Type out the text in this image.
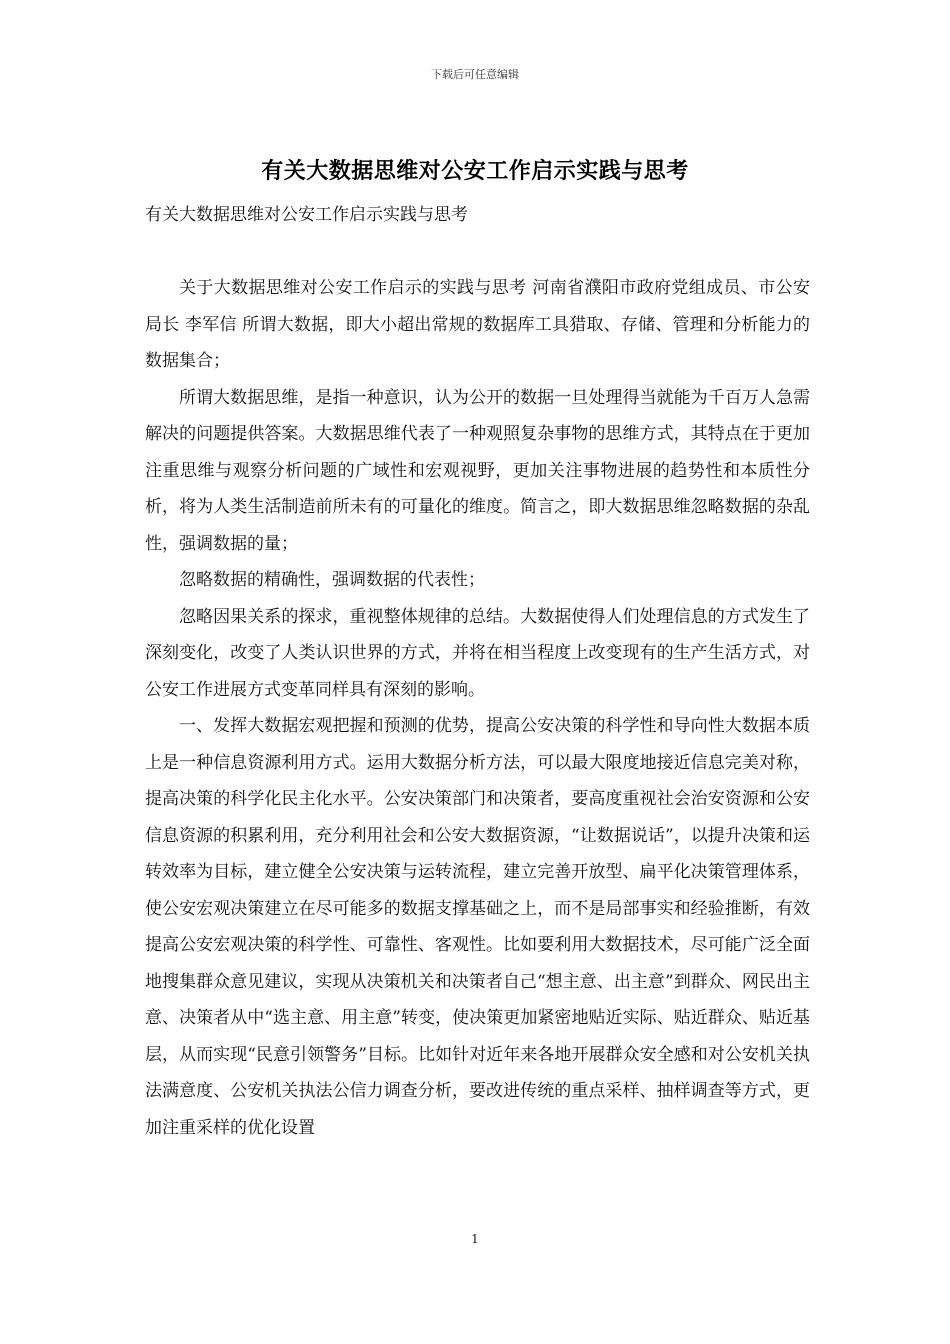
下载后可任意编辑
有关大数据思维对公安工作启示实践与思考
有关大数据思维对公安工作启示实践与思考

关于大数据思维对公安工作启示的实践与思考 河南省濮阳市政府党组成员、市公安局长 李军信 所谓大数据，即大小超出常规的数据库工具猎取、存储、管理和分析能力的数据集合；

所谓大数据思维，是指一种意识，认为公开的数据一旦处理得当就能为千百万人急需解决的问题提供答案。大数据思维代表了一种观照复杂事物的思维方式，其特点在于更加注重思维与观察分析问题的广域性和宏观视野，更加关注事物进展的趋势性和本质性分析，将为人类生活制造前所未有的可量化的维度。简言之，即大数据思维忽略数据的杂乱性，强调数据的量；

忽略数据的精确性，强调数据的代表性；

忽略因果关系的探求，重视整体规律的总结。大数据使得人们处理信息的方式发生了深刻变化，改变了人类认识世界的方式，并将在相当程度上改变现有的生产生活方式，对公安工作进展方式变革同样具有深刻的影响。

一、发挥大数据宏观把握和预测的优势，提高公安决策的科学性和导向性大数据本质上是一种信息资源利用方式。运用大数据分析方法，可以最大限度地接近信息完美对称，提高决策的科学化民主化水平。公安决策部门和决策者，要高度重视社会治安资源和公安信息资源的积累利用，充分利用社会和公安大数据资源，“让数据说话”，以提升决策和运转效率为目标，建立健全公安决策与运转流程，建立完善开放型、扁平化决策管理体系，使公安宏观决策建立在尽可能多的数据支撑基础之上，而不是局部事实和经验推断，有效提高公安宏观决策的科学性、可靠性、客观性。比如要利用大数据技术，尽可能广泛全面地搜集群众意见建议，实现从决策机关和决策者自己“想主意、出主意”到群众、网民出主意、决策者从中“选主意、用主意”转变，使决策更加紧密地贴近实际、贴近群众、贴近基层，从而实现“民意引领警务”目标。比如针对近年来各地开展群众安全感和对公安机关执法满意度、公安机关执法公信力调查分析，要改进传统的重点采样、抽样调查等方式，更加注重采样的优化设置

1
